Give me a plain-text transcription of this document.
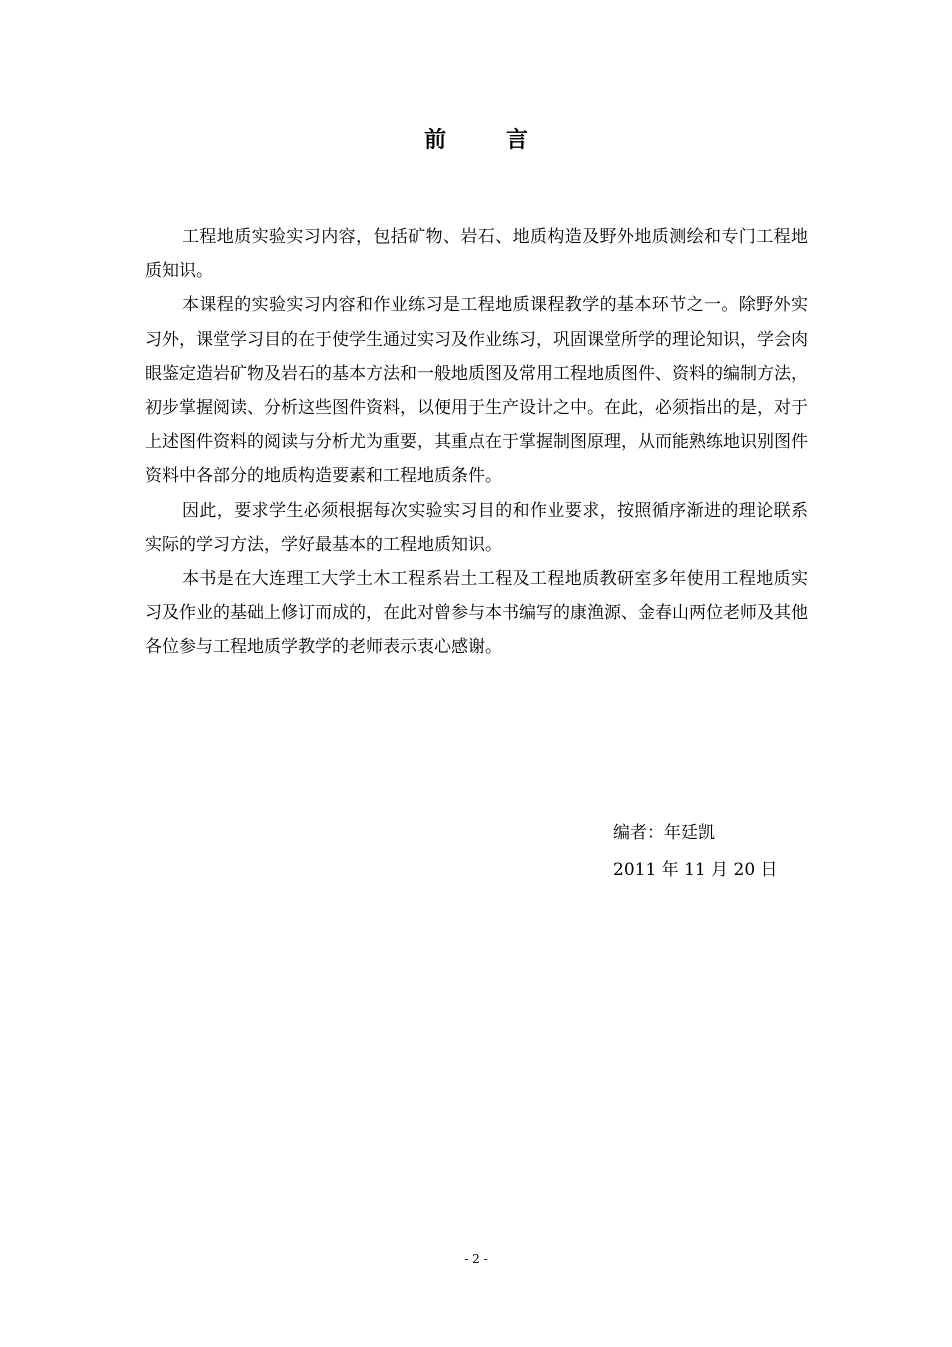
前 言

工程地质实验实习内容，包括矿物、岩石、地质构造及野外地质测绘和专门工程地质知识。

本课程的实验实习内容和作业练习是工程地质课程教学的基本环节之一。除野外实习外，课堂学习目的在于使学生通过实习及作业练习，巩固课堂所学的理论知识，学会肉眼鉴定造岩矿物及岩石的基本方法和一般地质图及常用工程地质图件、资料的编制方法，初步掌握阅读、分析这些图件资料，以便用于生产设计之中。在此，必须指出的是，对于上述图件资料的阅读与分析尤为重要，其重点在于掌握制图原理，从而能熟练地识别图件资料中各部分的地质构造要素和工程地质条件。

因此，要求学生必须根据每次实验实习目的和作业要求，按照循序渐进的理论联系实际的学习方法，学好最基本的工程地质知识。

本书是在大连理工大学土木工程系岩土工程及工程地质教研室多年使用工程地质实习及作业的基础上修订而成的，在此对曾参与本书编写的康渔源、金春山两位老师及其他各位参与工程地质学教学的老师表示衷心感谢。

编者：年廷凯

2011 年 11 月 20 日

- 2 -
